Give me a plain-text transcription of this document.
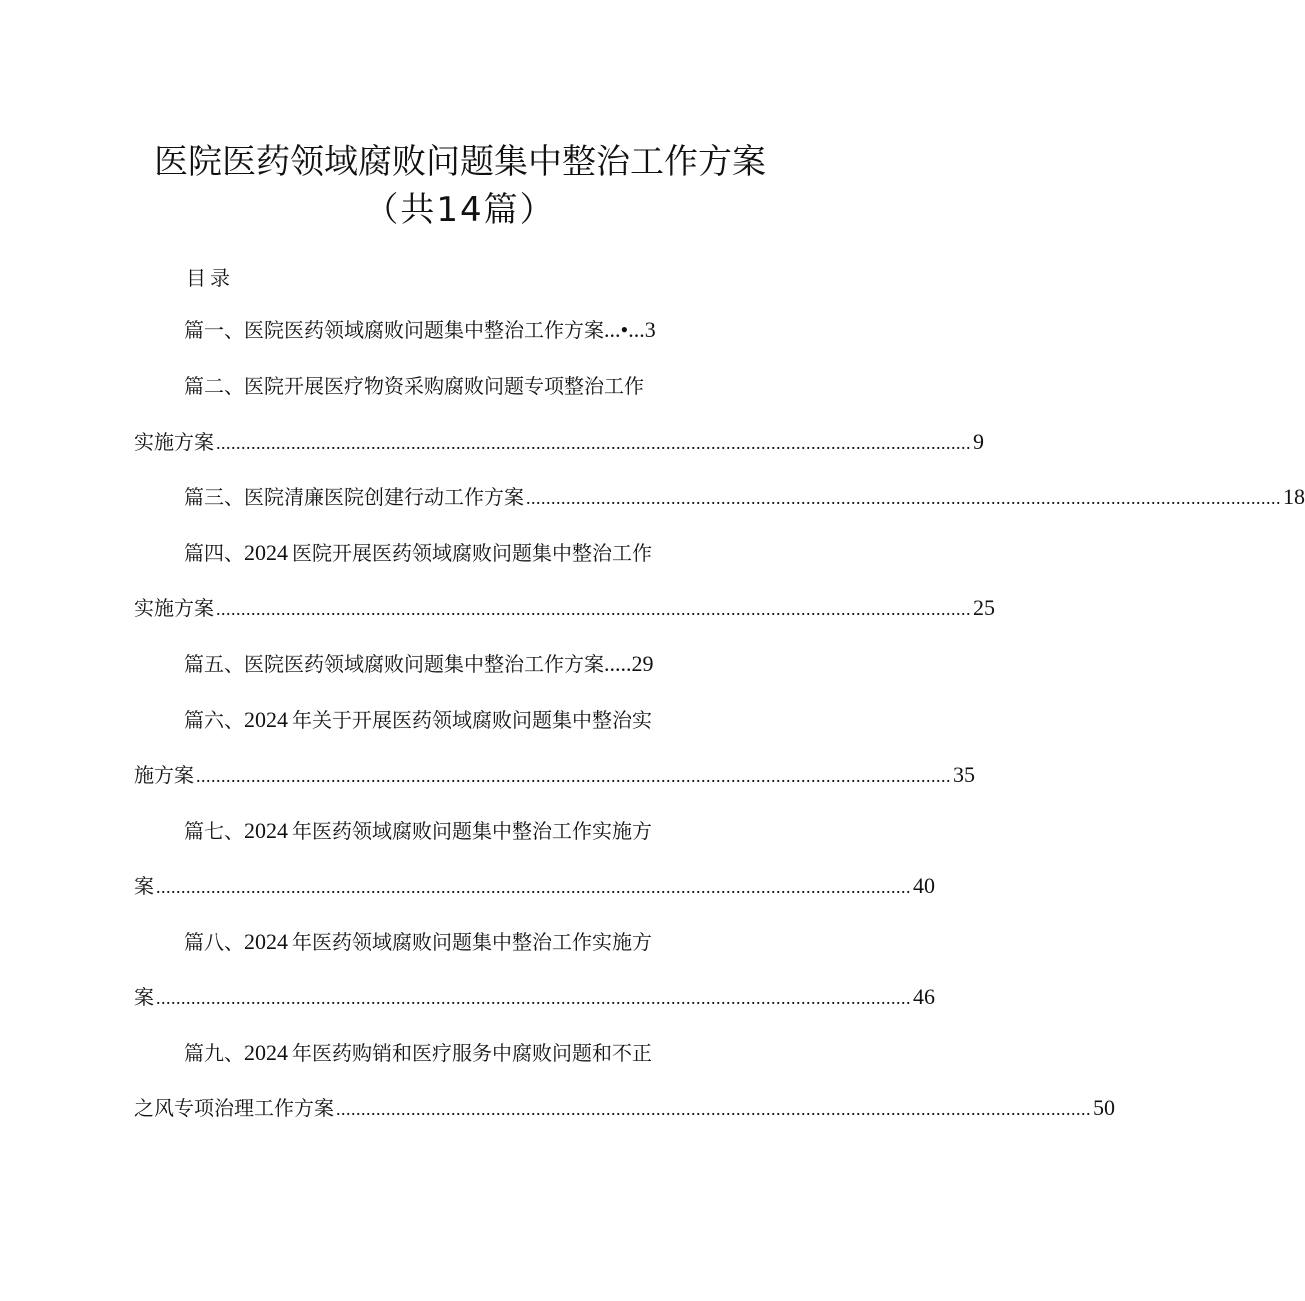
医院医药领域腐败问题集中整治工作方案
（共14篇）
目录
篇一、医院医药领域腐败问题集中整治工作方案 ...•... 3
篇二、医院开展医疗物资采购腐败问题专项整治工作
实施方案 ....................................................................................................................................................... 9
篇三、医院清廉医院创建行动工作方案 ....................................................................................................................................................... 18
篇四、 2024 医院开展医药领域腐败问题集中整治工作
实施方案 ....................................................................................................................................................... 25
篇五、医院医药领域腐败问题集中整治工作方案 ..... 29
篇六、 2024 年关于开展医药领域腐败问题集中整治实
施方案 ....................................................................................................................................................... 35
篇七、 2024 年医药领域腐败问题集中整治工作实施方
案 ....................................................................................................................................................... 40
篇八、 2024 年医药领域腐败问题集中整治工作实施方
案 ....................................................................................................................................................... 46
篇九、 2024 年医药购销和医疗服务中腐败问题和不正
之风专项治理工作方案 ....................................................................................................................................................... 50
